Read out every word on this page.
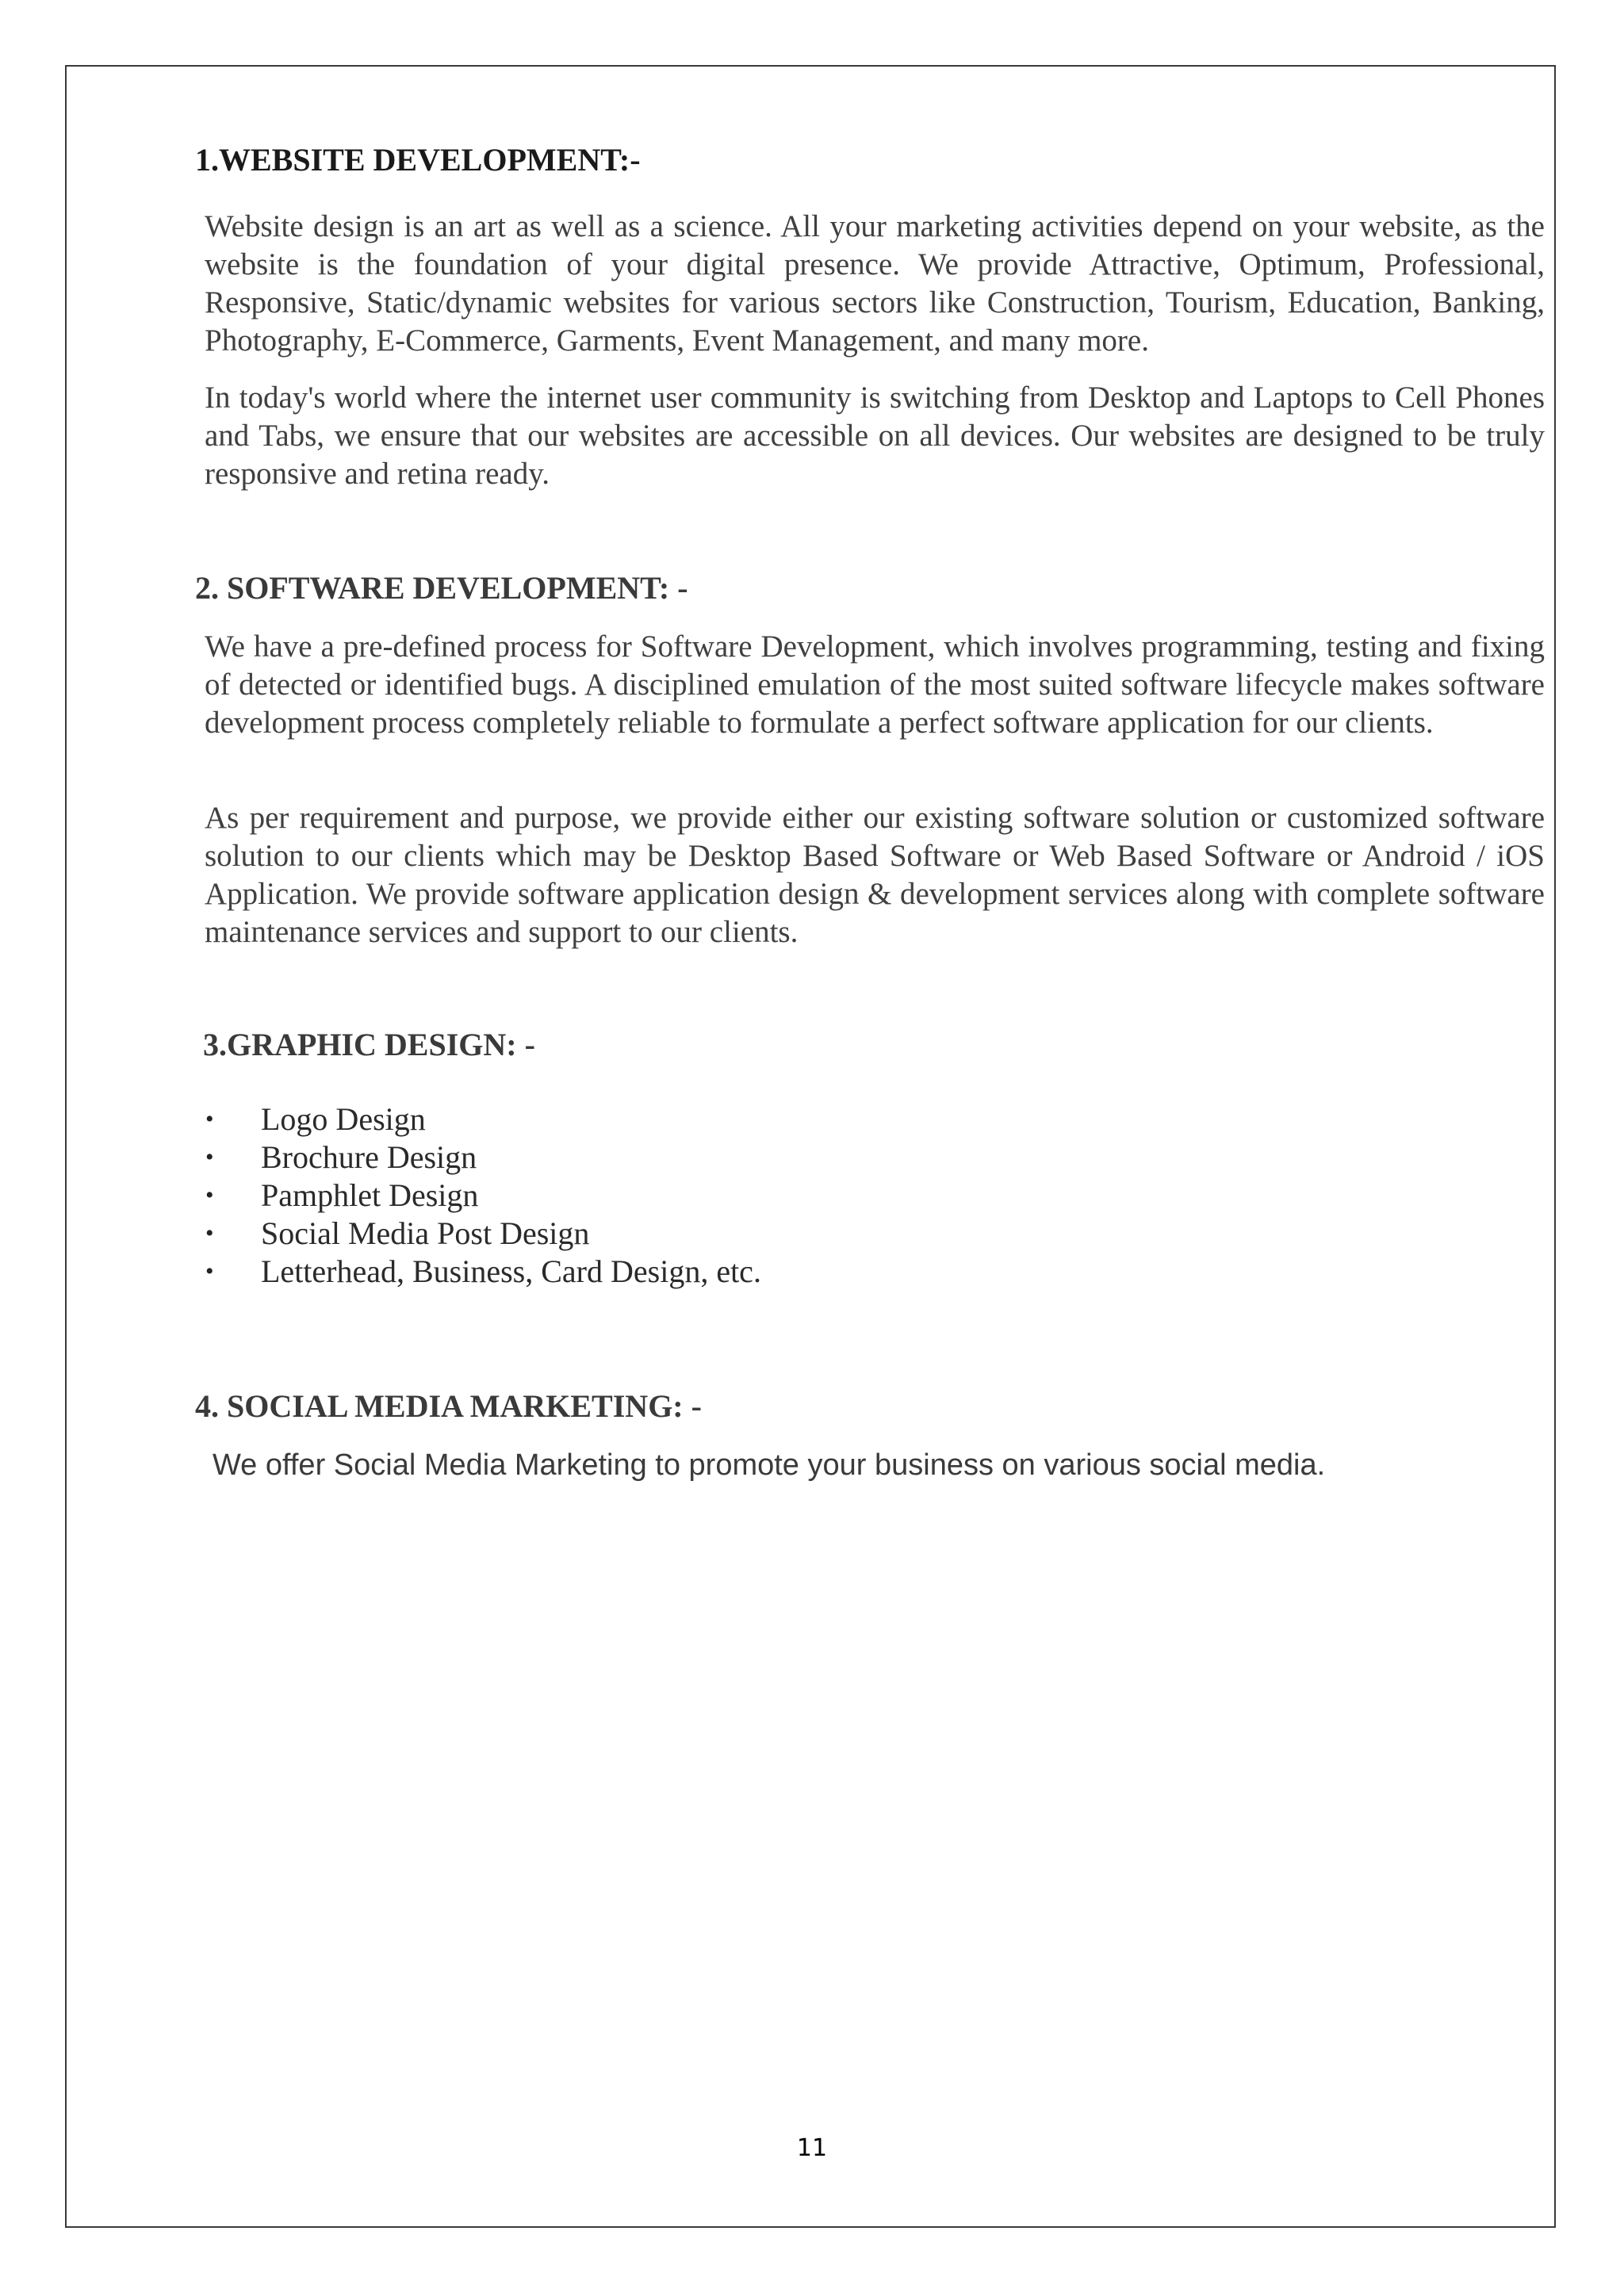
1.WEBSITE DEVELOPMENT:-

Website design is an art as well as a science. All your marketing activities depend on your website, as the website is the foundation of your digital presence. We provide Attractive, Optimum, Professional, Responsive, Static/dynamic websites for various sectors like Construction, Tourism, Education, Banking, Photography, E-Commerce, Garments, Event Management, and many more.

In today's world where the internet user community is switching from Desktop and Laptops to Cell Phones and Tabs, we ensure that our websites are accessible on all devices. Our websites are designed to be truly responsive and retina ready.

2. SOFTWARE DEVELOPMENT: -

We have a pre-defined process for Software Development, which involves programming, testing and fixing of detected or identified bugs. A disciplined emulation of the most suited software lifecycle makes software development process completely reliable to formulate a perfect software application for our clients.

As per requirement and purpose, we provide either our existing software solution or customized software solution to our clients which may be Desktop Based Software or Web Based Software or Android / iOS Application. We provide software application design & development services along with complete software maintenance services and support to our clients.

3.GRAPHIC DESIGN: -
• Logo Design
• Brochure Design
• Pamphlet Design
• Social Media Post Design
• Letterhead, Business, Card Design, etc.
4. SOCIAL MEDIA MARKETING: -

We offer Social Media Marketing to promote your business on various social media.

11
